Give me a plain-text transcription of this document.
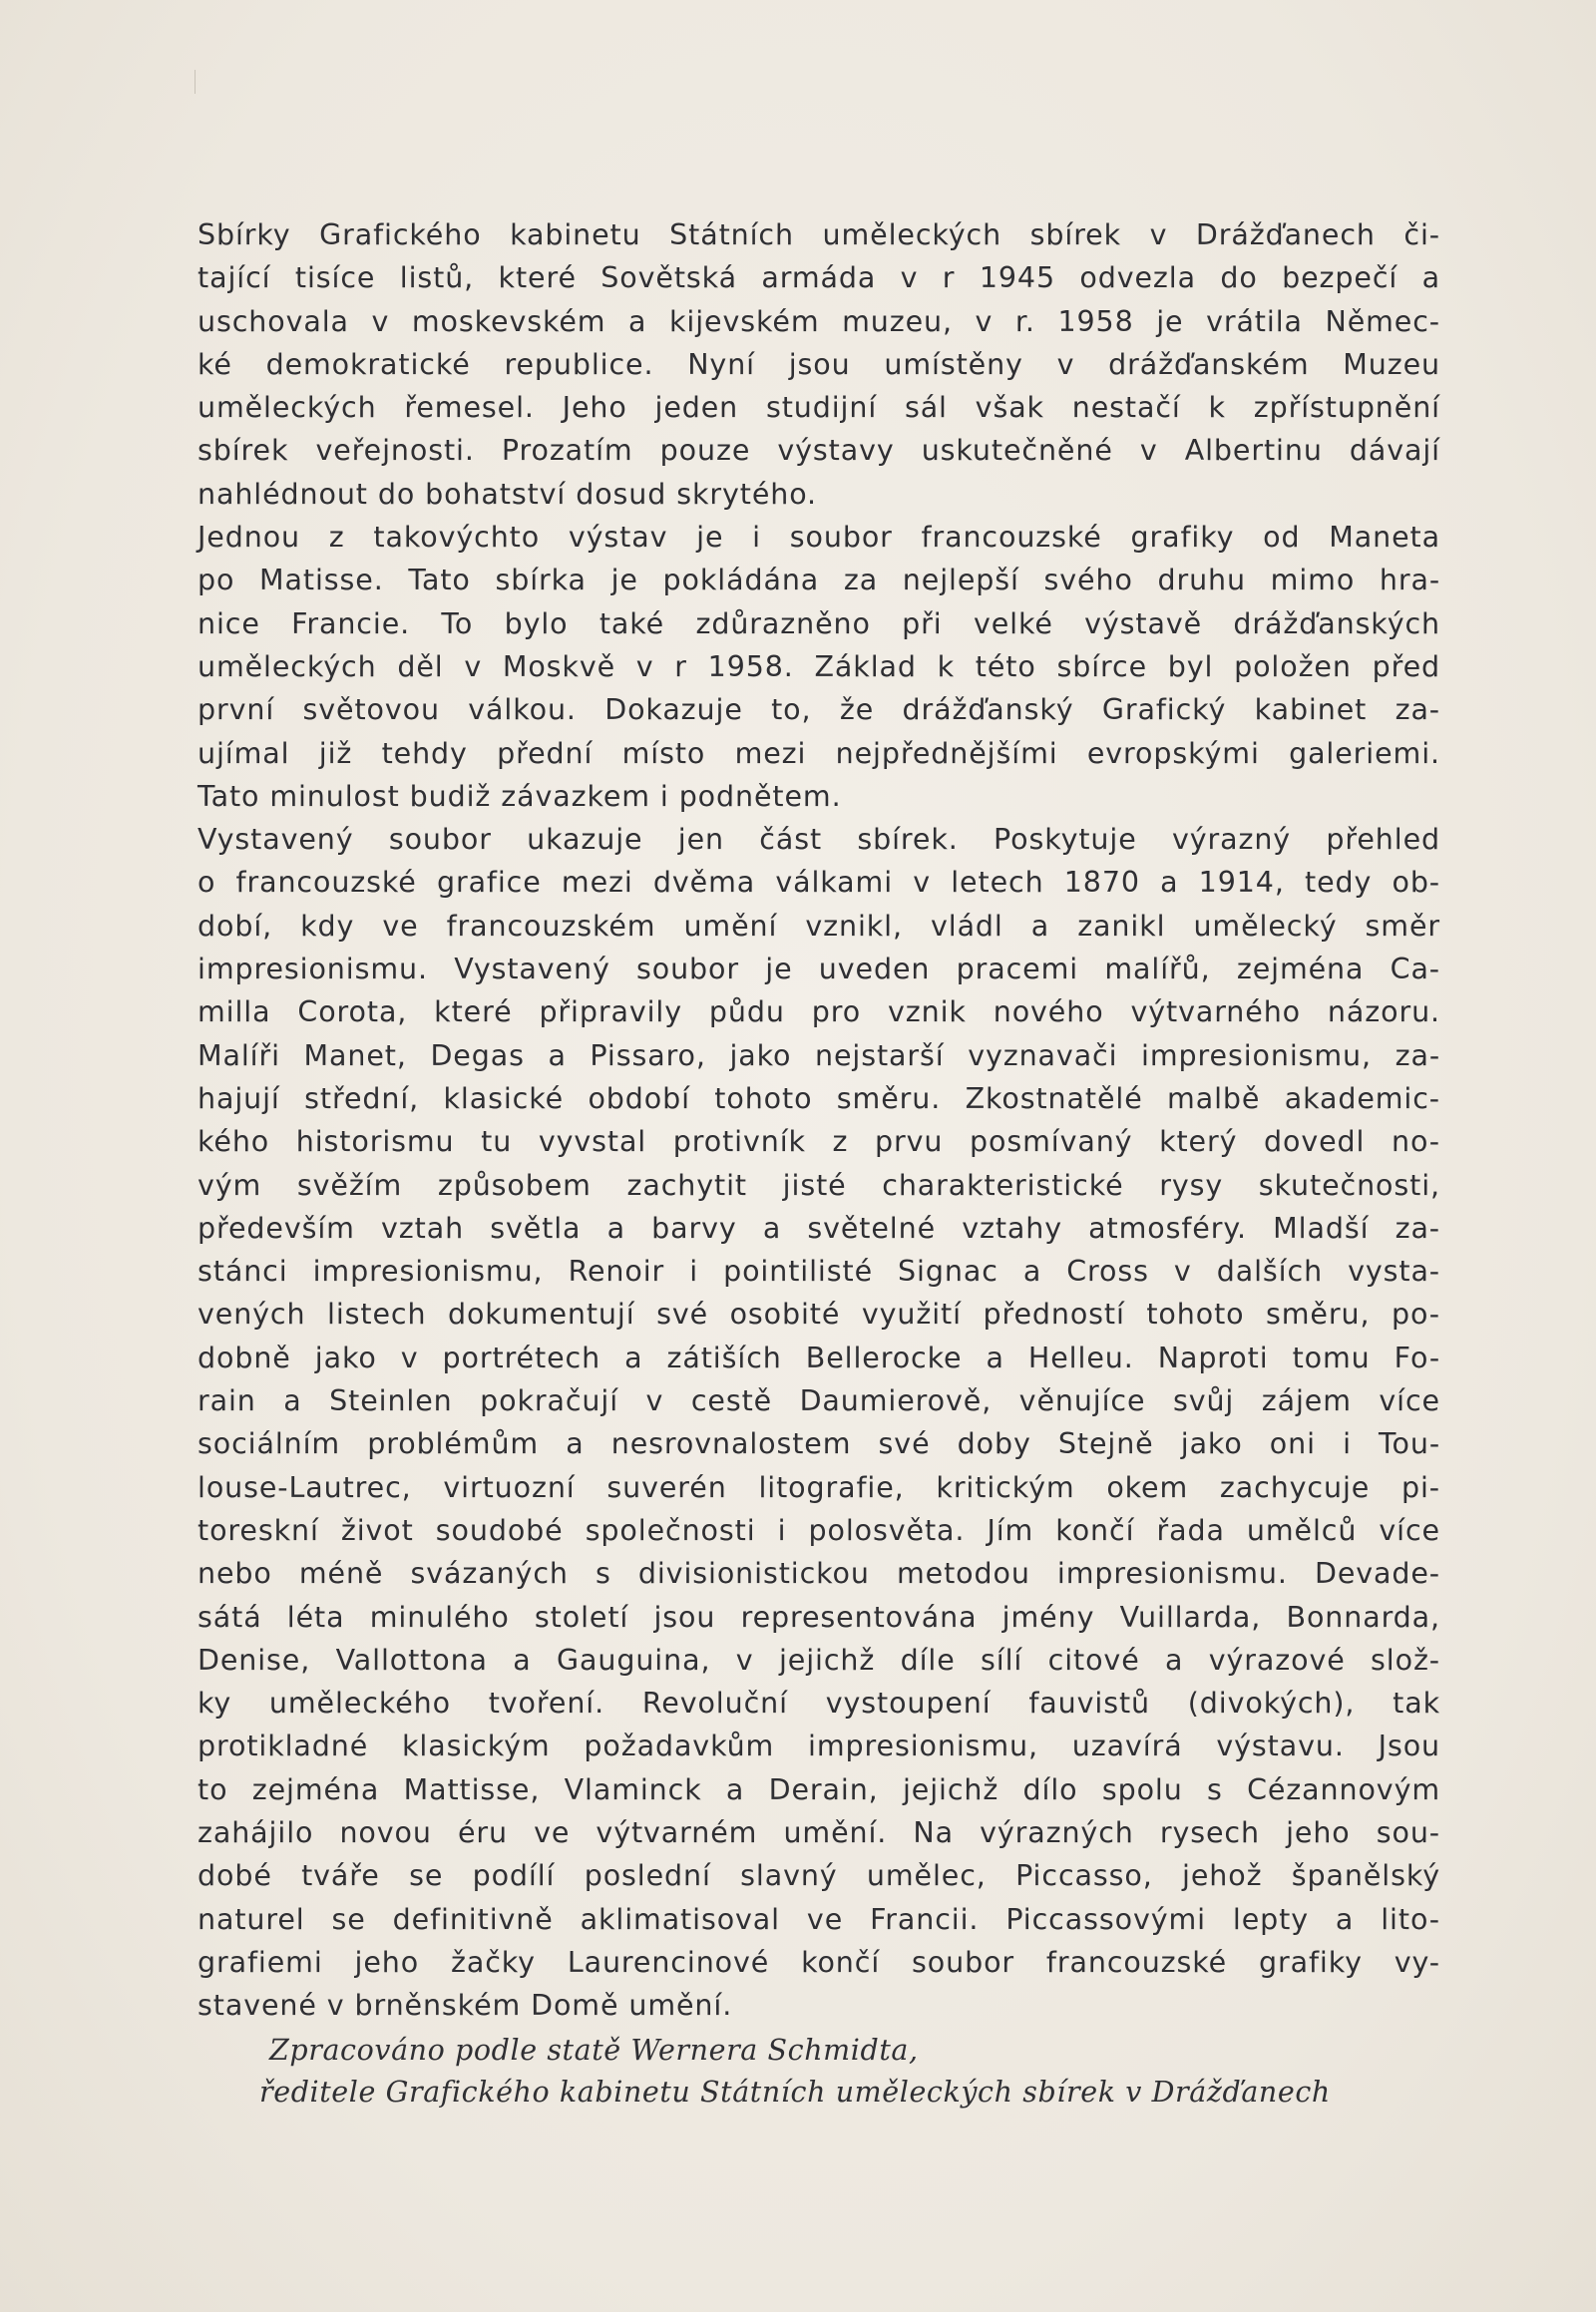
Sbírky Grafického kabinetu Státních uměleckých sbírek v Drážďanech či-
tající tisíce listů, které Sovětská armáda v r 1945 odvezla do bezpečí a
uschovala v moskevském a kijevském muzeu, v r. 1958 je vrátila Němec-
ké demokratické republice. Nyní jsou umístěny v drážďanském Muzeu
uměleckých řemesel. Jeho jeden studijní sál však nestačí k zpřístupnění
sbírek veřejnosti. Prozatím pouze výstavy uskutečněné v Albertinu dávají
nahlédnout do bohatství dosud skrytého.
Jednou z takovýchto výstav je i soubor francouzské grafiky od Maneta
po Matisse. Tato sbírka je pokládána za nejlepší svého druhu mimo hra-
nice Francie. To bylo také zdůrazněno při velké výstavě drážďanských
uměleckých děl v Moskvě v r 1958. Základ k této sbírce byl položen před
první světovou válkou. Dokazuje to, že drážďanský Grafický kabinet za-
ujímal již tehdy přední místo mezi nejpřednějšími evropskými galeriemi.
Tato minulost budiž závazkem i podnětem.
Vystavený soubor ukazuje jen část sbírek. Poskytuje výrazný přehled
o francouzské grafice mezi dvěma válkami v letech 1870 a 1914, tedy ob-
dobí, kdy ve francouzském umění vznikl, vládl a zanikl umělecký směr
impresionismu. Vystavený soubor je uveden pracemi malířů, zejména Ca-
milla Corota, které připravily půdu pro vznik nového výtvarného názoru.
Malíři Manet, Degas a Pissaro, jako nejstarší vyznavači impresionismu, za-
hajují střední, klasické období tohoto směru. Zkostnatělé malbě akademic-
kého historismu tu vyvstal protivník z prvu posmívaný který dovedl no-
vým svěžím způsobem zachytit jisté charakteristické rysy skutečnosti,
především vztah světla a barvy a světelné vztahy atmosféry. Mladší za-
stánci impresionismu, Renoir i pointilisté Signac a Cross v dalších vysta-
vených listech dokumentují své osobité využití předností tohoto směru, po-
dobně jako v portrétech a zátiších Bellerocke a Helleu. Naproti tomu Fo-
rain a Steinlen pokračují v cestě Daumierově, věnujíce svůj zájem více
sociálním problémům a nesrovnalostem své doby Stejně jako oni i Tou-
louse-Lautrec, virtuozní suverén litografie, kritickým okem zachycuje pi-
toreskní život soudobé společnosti i polosvěta. Jím končí řada umělců více
nebo méně svázaných s divisionistickou metodou impresionismu. Devade-
sátá léta minulého století jsou representována jmény Vuillarda, Bonnarda,
Denise, Vallottona a Gauguina, v jejichž díle sílí citové a výrazové slož-
ky uměleckého tvoření. Revoluční vystoupení fauvistů (divokých), tak
protikladné klasickým požadavkům impresionismu, uzavírá výstavu. Jsou
to zejména Mattisse, Vlaminck a Derain, jejichž dílo spolu s Cézannovým
zahájilo novou éru ve výtvarném umění. Na výrazných rysech jeho sou-
dobé tváře se podílí poslední slavný umělec, Piccasso, jehož španělský
naturel se definitivně aklimatisoval ve Francii. Piccassovými lepty a lito-
grafiemi jeho žačky Laurencinové končí soubor francouzské grafiky vy-
stavené v brněnském Domě umění.
Zpracováno podle statě Wernera Schmidta,
ředitele Grafického kabinetu Státních uměleckých sbírek v Drážďanech
